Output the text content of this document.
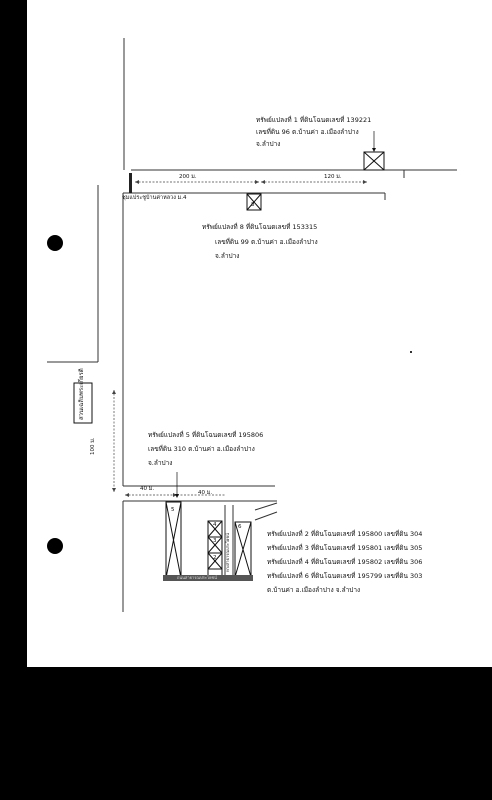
ทรัพย์แปลงที่ 1 ที่ดินโฉนดเลขที่ 139221
เลขที่ดิน 96 ต.บ้านค่า อ.เมืองลำปาง
จ.ลำปาง
200 ม.	120 ม.
100 ม.
40 ม.
40 ม.
ชุมแประชูบ้านค่าหลวง ม.4
ทรัพย์แปลงที่ 8 ที่ดินโฉนดเลขที่ 153315
เลขที่ดิน 99 ต.บ้านค่า อ.เมืองลำปาง
จ.ลำปาง
สวนเฉลิมพระเกียรติ
ทรัพย์แปลงที่ 5 ที่ดินโฉนดเลขที่ 195806
เลขที่ดิน 310 ต.บ้านค่า อ.เมืองลำปาง
จ.ลำปาง
5
4
3
2
6
8
ทางสาธารณประโยชน์
ถนนสาธารณประโยชน์
ทรัพย์แปลงที่ 2 ที่ดินโฉนดเลขที่ 195800 เลขที่ดิน 304
ทรัพย์แปลงที่ 3 ที่ดินโฉนดเลขที่ 195801 เลขที่ดิน 305
ทรัพย์แปลงที่ 4 ที่ดินโฉนดเลขที่ 195802 เลขที่ดิน 306
ทรัพย์แปลงที่ 6 ที่ดินโฉนดเลขที่ 195799 เลขที่ดิน 303
ต.บ้านค่า อ.เมืองลำปาง จ.ลำปาง
